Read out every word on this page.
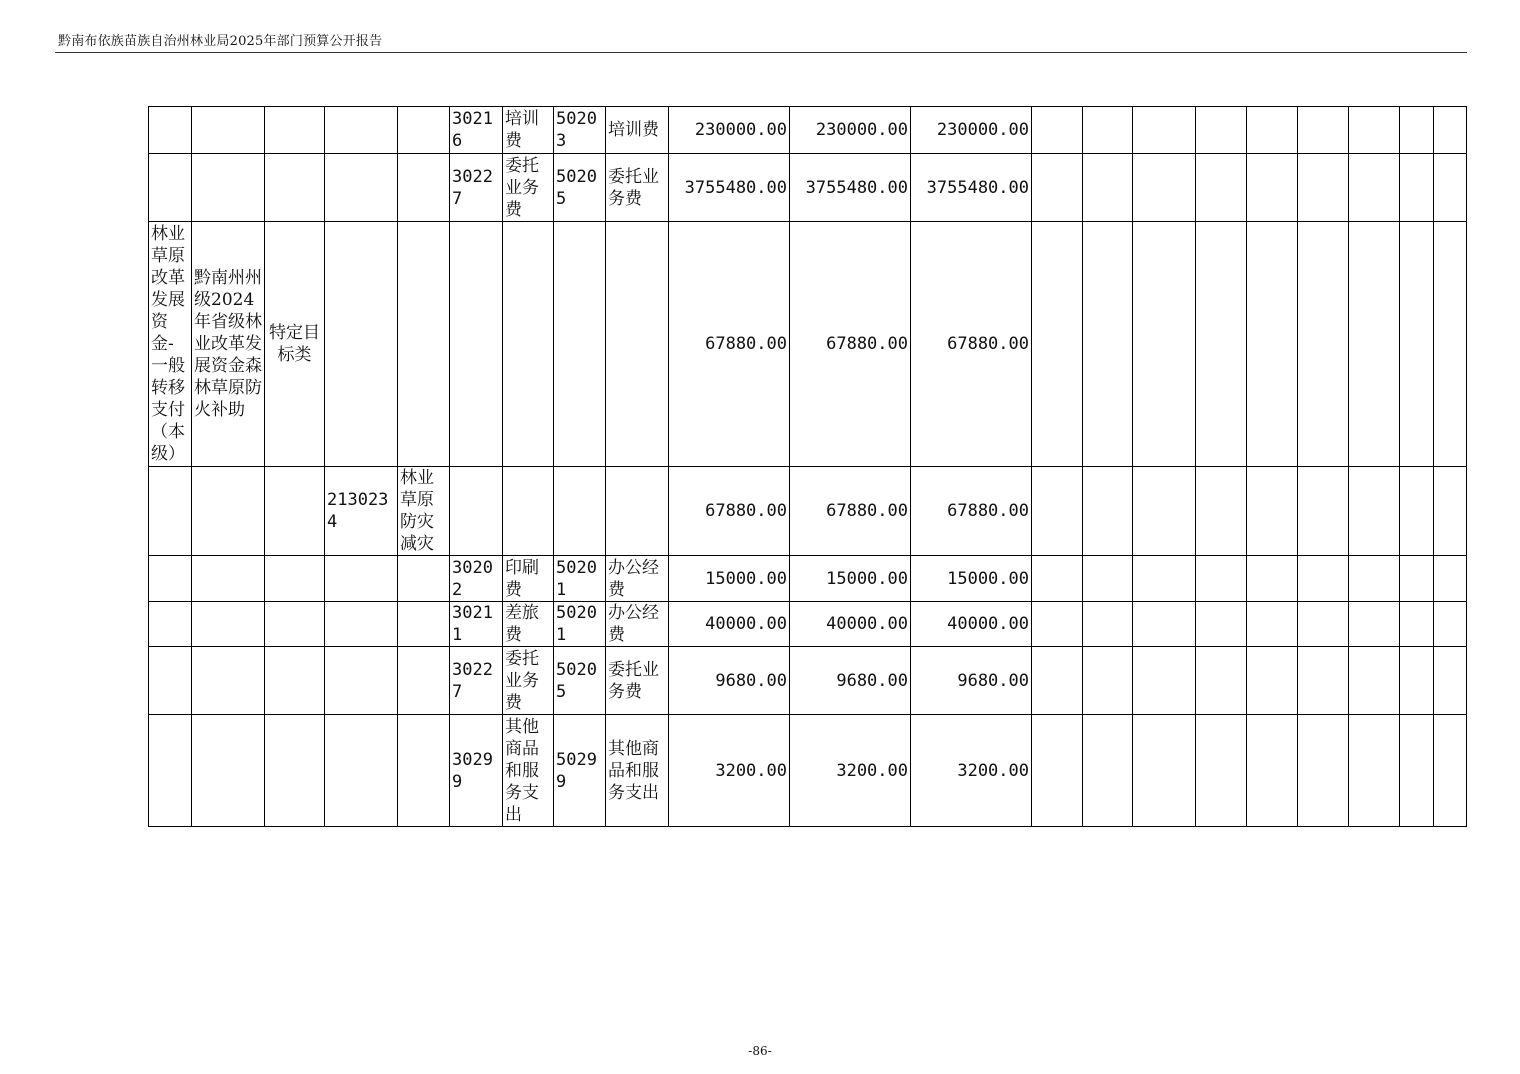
黔南布依族苗族自治州林业局2025年部门预算公开报告
					30216	培训费	50203	培训费	230000.00	230000.00	230000.00									
					30227	委托业务费	50205	委托业务费	3755480.00	3755480.00	3755480.00									
林业草原改革发展资金-一般转移支付（本级）	黔南州州级2024年省级林业改革发展资金森林草原防火补助	特定目标类							67880.00	67880.00	67880.00									
			2130234	林业草原防灾减灾					67880.00	67880.00	67880.00									
					30202	印刷费	50201	办公经费	15000.00	15000.00	15000.00									
					30211	差旅费	50201	办公经费	40000.00	40000.00	40000.00									
					30227	委托业务费	50205	委托业务费	9680.00	9680.00	9680.00									
					30299	其他商品和服务支出	50299	其他商品和服务支出	3200.00	3200.00	3200.00									
-86-
